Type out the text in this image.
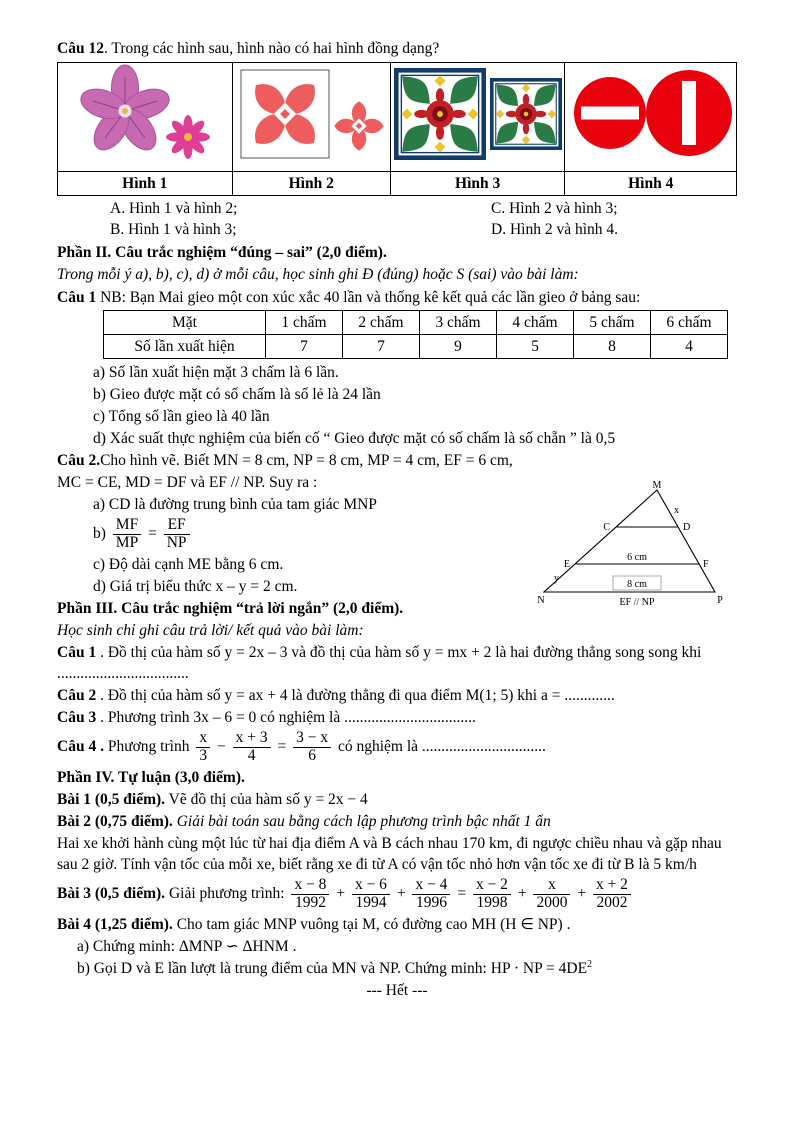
Câu 12. Trong các hình sau, hình nào có hai hình đồng dạng?

Hình 1	Hình 2	Hình 3	Hình 4
A. Hình 1 và hình 2;	C. Hình 2 và hình 3;
B. Hình 1 và hình 3;	D. Hình 2 và hình 4.

Phần II. Câu trắc nghiệm “đúng – sai” (2,0 điểm).

Trong mỗi ý a), b), c), d) ở mỗi câu, học sinh ghi Đ (đúng) hoặc S (sai) vào bài làm:

Câu 1 NB: Bạn Mai gieo một con xúc xắc 40 lần và thống kê kết quả các lần gieo ở bảng sau:

Mặt	1 chấm	2 chấm	3 chấm	4 chấm	5 chấm	6 chấm
Số lần xuất hiện	7	7	9	5	8	4

a) Số lần xuất hiện mặt 3 chấm là 6 lần.

b) Gieo được mặt có số chấm là số lẻ là 24 lần

c) Tổng số lần gieo là 40 lần

d) Xác suất thực nghiệm của biến cố “ Gieo được mặt có số chấm là số chẵn ” là 0,5

M
x
C	D
E
y
F
6 cm
8 cm
EF // NP
N	P

Câu 2.Cho hình vẽ. Biết MN = 8 cm, NP = 8 cm, MP = 4 cm, EF = 6 cm,

MC = CE, MD = DF và EF // NP. Suy ra :

a) CD là đường trung bình của tam giác MNP

$b) \frac{MF}{MP} = \frac{EF}{NP}$

c) Độ dài cạnh ME bằng 6 cm.

d) Giá trị biểu thức x – y = 2 cm.

Phần III. Câu trắc nghiệm “trả lời ngắn” (2,0 điểm).

Học sinh chỉ ghi câu trả lời/ kết quả vào bài làm:

Câu 1 . Đồ thị của hàm số y = 2x – 3 và đồ thị của hàm số y = mx + 2 là hai đường thẳng song song khi ..................................

Câu 2 . Đồ thị của hàm số y = ax + 4 là đường thẳng đi qua điểm M(1; 5) khi a = .............

Câu 3 . Phương trình 3x – 6 = 0 có nghiệm là ..................................

Câu 4 . Phương trình $\frac{x}{3} - \frac{x + 3}{4} = \frac{3 - x}{6}$ có nghiệm là ................................

Phần IV. Tự luận (3,0 điểm).

Bài 1 (0,5 điểm). Vẽ đồ thị của hàm số y = 2x − 4

Bài 2 (0,75 điểm). Giải bài toán sau bằng cách lập phương trình bậc nhất 1 ẩn

Hai xe khởi hành cùng một lúc từ hai địa điểm A và B cách nhau 170 km, đi ngược chiều nhau và gặp nhau sau 2 giờ. Tính vận tốc của mỗi xe, biết rằng xe đi từ A có vận tốc nhỏ hơn vận tốc xe đi từ B là 5 km/h

Bài 3 (0,5 điểm). Giải phương trình: $\frac{x - 8}{1992} + \frac{x - 6}{1994} + \frac{x - 4}{1996} = \frac{x - 2}{1998} + \frac{x}{2000} + \frac{x + 2}{2002}$

Bài 4 (1,25 điểm). Cho tam giác MNP vuông tại M, có đường cao MH (H ∈ NP) .

a) Chứng minh: ΔMNP ∽ ΔHNM .

b) Gọi D và E lần lượt là trung điểm của MN và NP. Chứng minh: HP · NP = $4DE^2$

--- Hết ---
